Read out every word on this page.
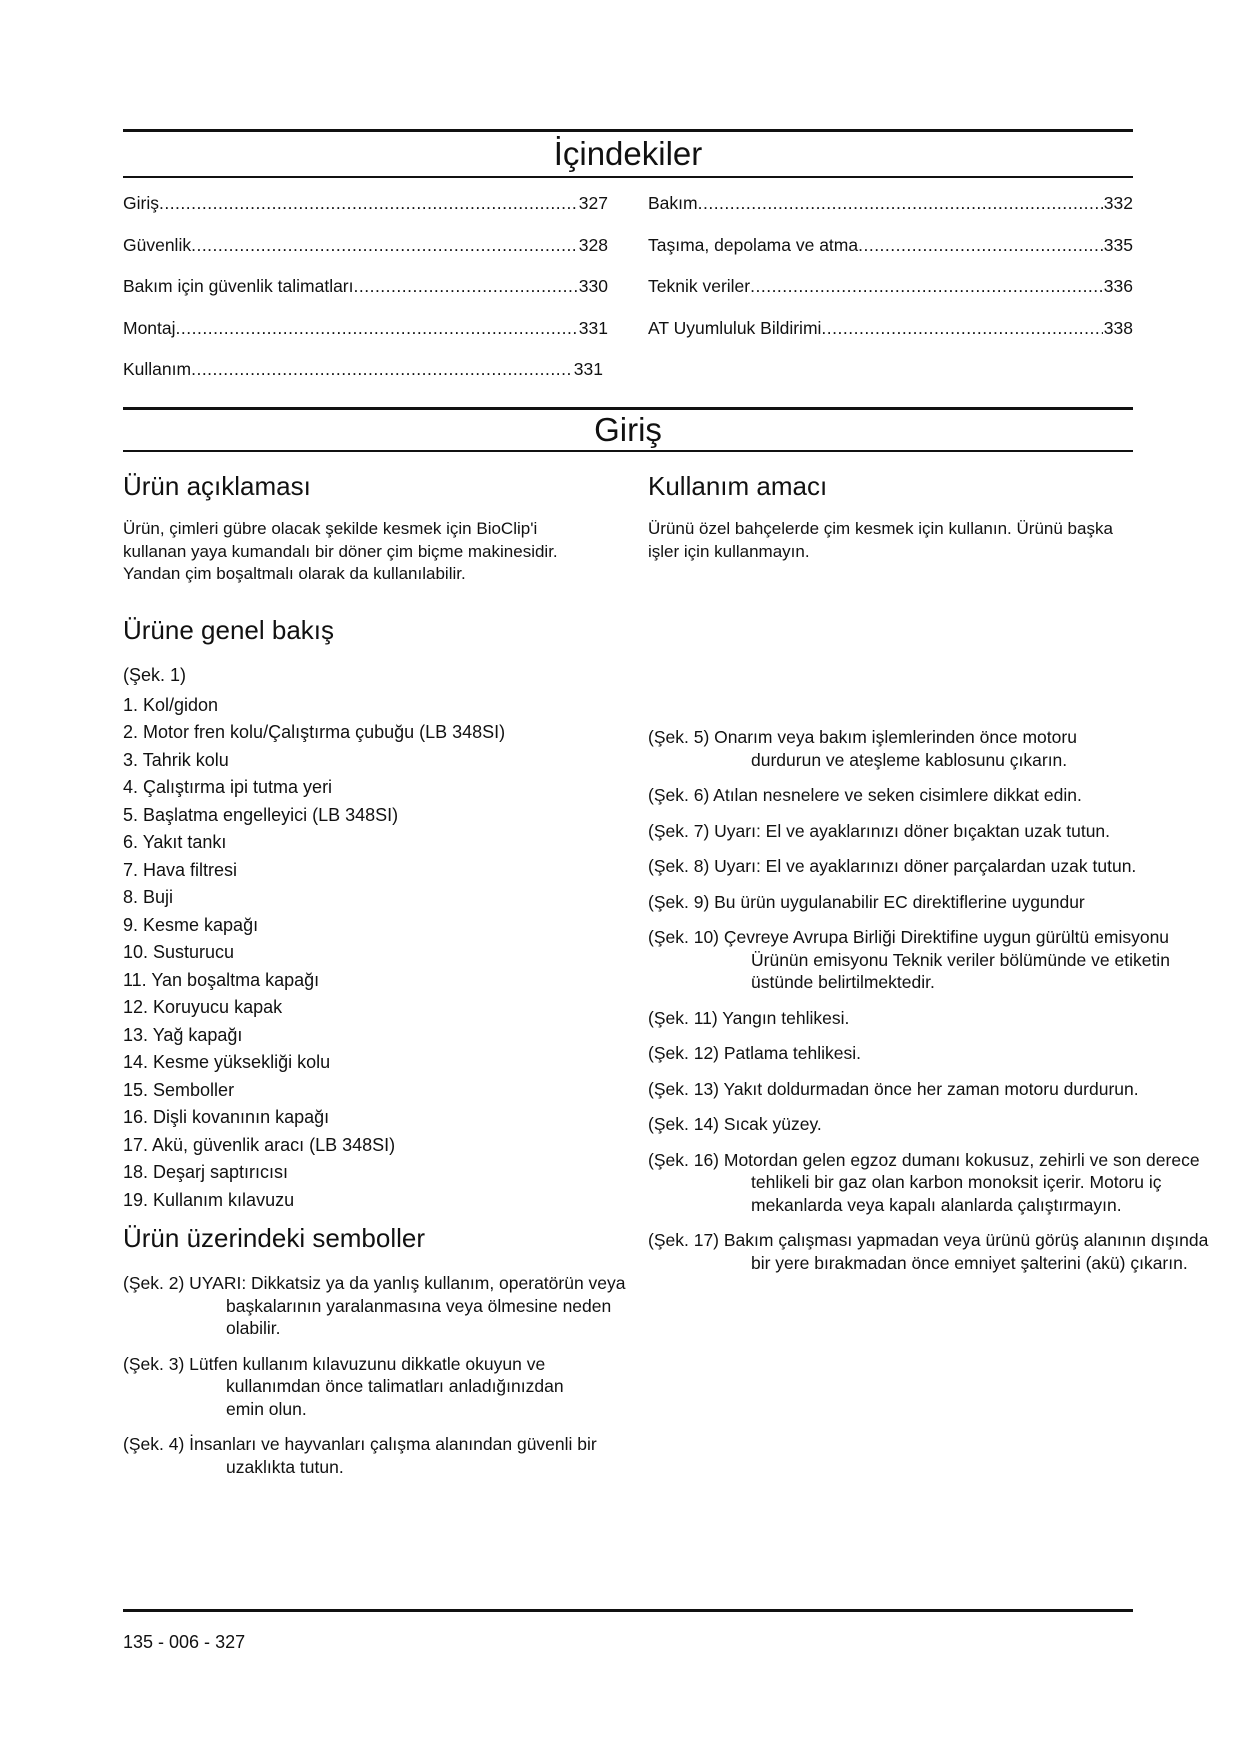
İçindekiler
Giriş .....	327
Güvenlik .....	328
Bakım için güvenlik talimatları .....	330
Montaj .....	331
Kullanım .....	331
Bakım .....	332
Taşıma, depolama ve atma .....	335
Teknik veriler .....	336
AT Uyumluluk Bildirimi .....	338
Giriş
Ürün açıklaması

Ürün, çimleri gübre olacak şekilde kesmek için BioClip'i kullanan yaya kumandalı bir döner çim biçme makinesidir. Yandan çim boşaltmalı olarak da kullanılabilir.

Ürüne genel bakış

(Şek. 1)

1. Kol/gidon
2. Motor fren kolu/Çalıştırma çubuğu (LB 348SI)
3. Tahrik kolu
4. Çalıştırma ipi tutma yeri
5. Başlatma engelleyici (LB 348SI)
6. Yakıt tankı
7. Hava filtresi
8. Buji
9. Kesme kapağı
10. Susturucu
11. Yan boşaltma kapağı
12. Koruyucu kapak
13. Yağ kapağı
14. Kesme yüksekliği kolu
15. Semboller
16. Dişli kovanının kapağı
17. Akü, güvenlik aracı (LB 348SI)
18. Deşarj saptırıcısı
19. Kullanım kılavuzu
Ürün üzerindeki semboller

(Şek. 2) UYARI: Dikkatsiz ya da yanlış kullanım, operatörün veya başkalarının yaralanmasına veya ölmesine neden olabilir.

(Şek. 3) Lütfen kullanım kılavuzunu dikkatle okuyun ve kullanımdan önce talimatları anladığınızdan emin olun.

(Şek. 4) İnsanları ve hayvanları çalışma alanından güvenli bir uzaklıkta tutun.

Kullanım amacı

Ürünü özel bahçelerde çim kesmek için kullanın. Ürünü başka işler için kullanmayın.

(Şek. 5) Onarım veya bakım işlemlerinden önce motoru durdurun ve ateşleme kablosunu çıkarın.

(Şek. 6) Atılan nesnelere ve seken cisimlere dikkat edin.

(Şek. 7) Uyarı: El ve ayaklarınızı döner bıçaktan uzak tutun.

(Şek. 8) Uyarı: El ve ayaklarınızı döner parçalardan uzak tutun.

(Şek. 9) Bu ürün uygulanabilir EC direktiflerine uygundur

(Şek. 10) Çevreye Avrupa Birliği Direktifine uygun gürültü emisyonu Ürünün emisyonu Teknik veriler bölümünde ve etiketin üstünde belirtilmektedir.

(Şek. 11) Yangın tehlikesi.

(Şek. 12) Patlama tehlikesi.

(Şek. 13) Yakıt doldurmadan önce her zaman motoru durdurun.

(Şek. 14) Sıcak yüzey.

(Şek. 16) Motordan gelen egzoz dumanı kokusuz, zehirli ve son derece tehlikeli bir gaz olan karbon monoksit içerir. Motoru iç mekanlarda veya kapalı alanlarda çalıştırmayın.

(Şek. 17) Bakım çalışması yapmadan veya ürünü görüş alanının dışında bir yere bırakmadan önce emniyet şalterini (akü) çıkarın.

135 - 006 - 327
